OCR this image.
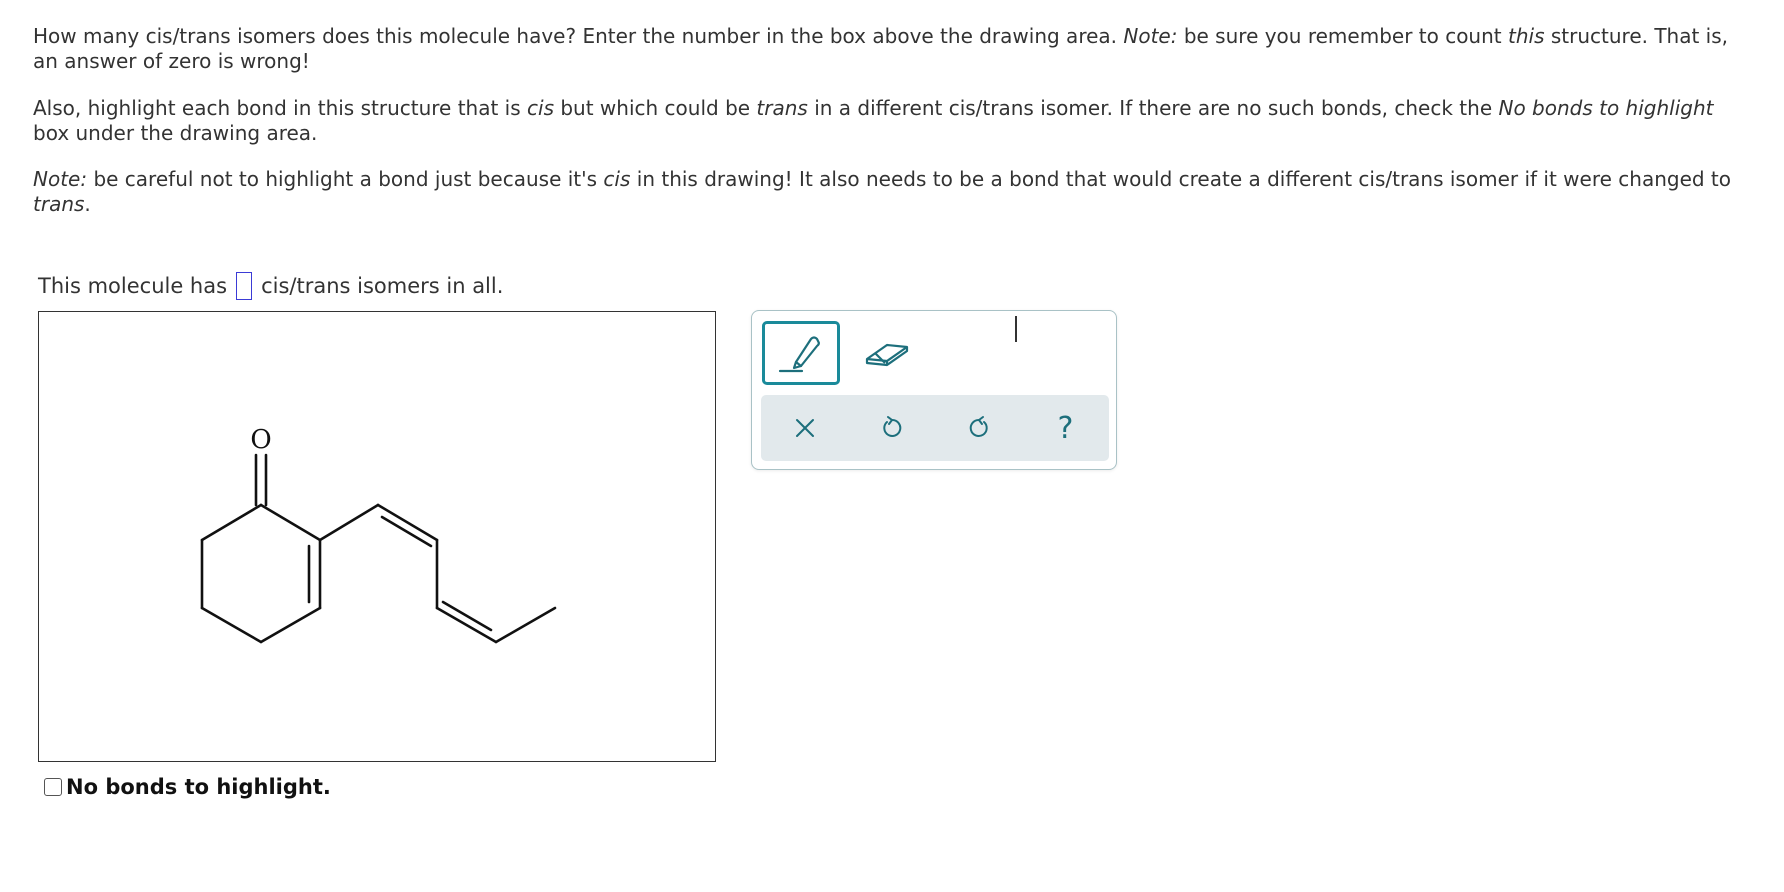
How many cis/trans isomers does this molecule have? Enter the number in the box above the drawing area. Note: be sure you remember to count this structure. That is, an answer of zero is wrong!

Also, highlight each bond in this structure that is cis but which could be trans in a different cis/trans isomer. If there are no such bonds, check the No bonds to highlight box under the drawing area.

Note: be careful not to highlight a bond just because it's cis in this drawing! It also needs to be a bond that would create a different cis/trans isomer if it were changed to trans.

This molecule has cis/trans isomers in all.
O	?
No bonds to highlight.
